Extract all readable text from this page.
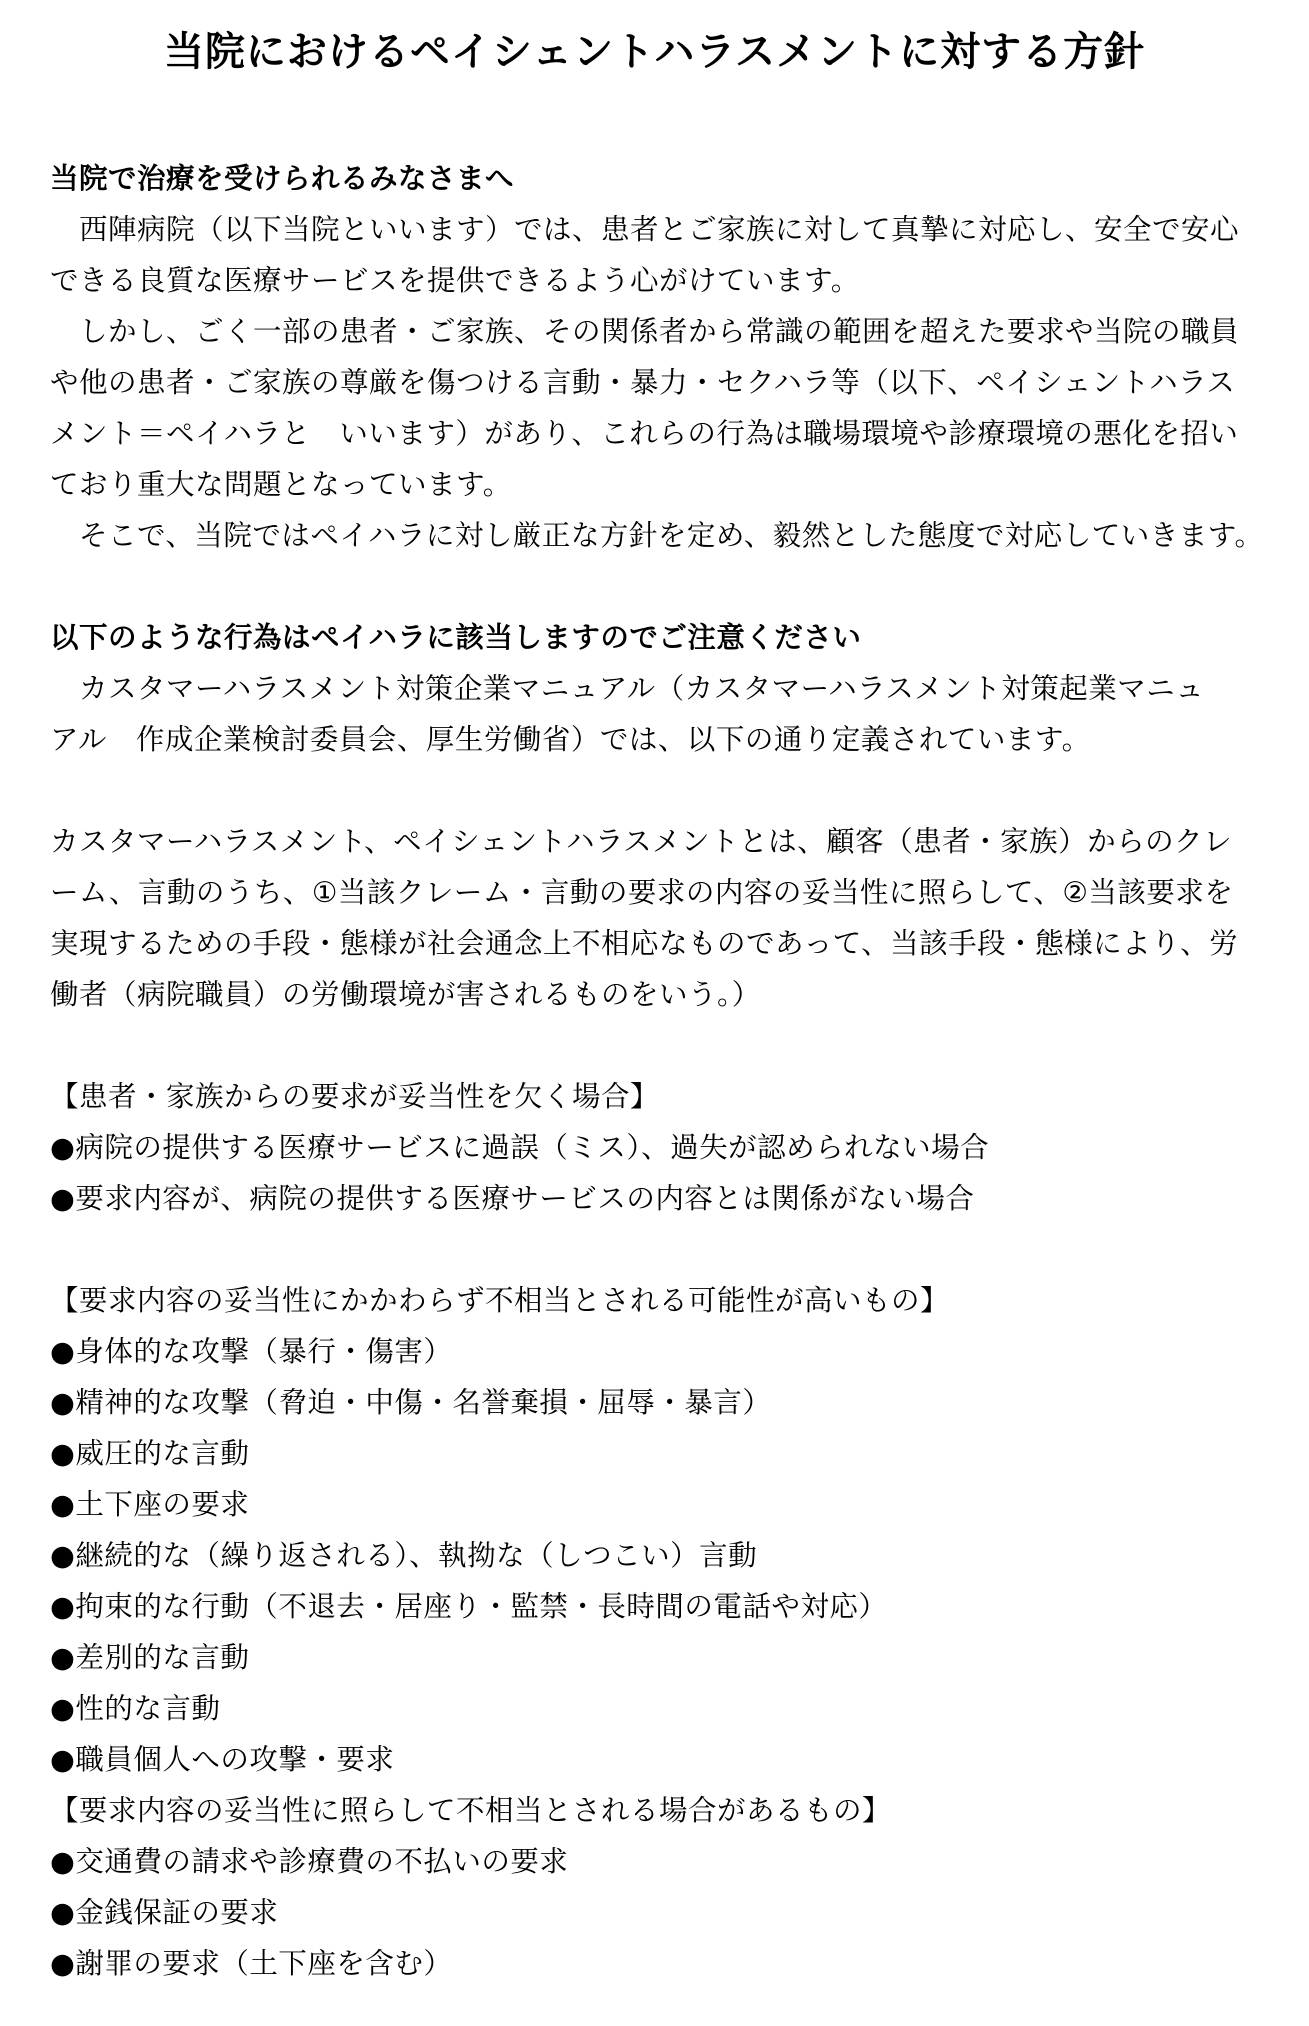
当院におけるペイシェントハラスメントに対する方針
当院で治療を受けられるみなさまへ
　西陣病院（以下当院といいます）では、患者とご家族に対して真摯に対応し、安全で安心
できる良質な医療サービスを提供できるよう心がけています。
　しかし、ごく一部の患者・ご家族、その関係者から常識の範囲を超えた要求や当院の職員
や他の患者・ご家族の尊厳を傷つける言動・暴力・セクハラ等（以下、ペイシェントハラス
メント＝ペイハラと　いいます）があり、これらの行為は職場環境や診療環境の悪化を招い
ており重大な問題となっています。
　そこで、当院ではペイハラに対し厳正な方針を定め、毅然とした態度で対応していきます。
以下のような行為はペイハラに該当しますのでご注意ください
　カスタマーハラスメント対策企業マニュアル（カスタマーハラスメント対策起業マニュ
アル　作成企業検討委員会、厚生労働省）では、以下の通り定義されています。
カスタマーハラスメント、ペイシェントハラスメントとは、顧客（患者・家族）からのクレ
ーム、言動のうち、①当該クレーム・言動の要求の内容の妥当性に照らして、②当該要求を
実現するための手段・態様が社会通念上不相応なものであって、当該手段・態様により、労
働者（病院職員）の労働環境が害されるものをいう。）
【患者・家族からの要求が妥当性を欠く場合】
●病院の提供する医療サービスに過誤（ミス）、過失が認められない場合
●要求内容が、病院の提供する医療サービスの内容とは関係がない場合
【要求内容の妥当性にかかわらず不相当とされる可能性が高いもの】
●身体的な攻撃（暴行・傷害）
●精神的な攻撃（脅迫・中傷・名誉棄損・屈辱・暴言）
●威圧的な言動
●土下座の要求
●継続的な（繰り返される）、執拗な（しつこい）言動
●拘束的な行動（不退去・居座り・監禁・長時間の電話や対応）
●差別的な言動
●性的な言動
●職員個人への攻撃・要求
【要求内容の妥当性に照らして不相当とされる場合があるもの】
●交通費の請求や診療費の不払いの要求
●金銭保証の要求
●謝罪の要求（土下座を含む）
